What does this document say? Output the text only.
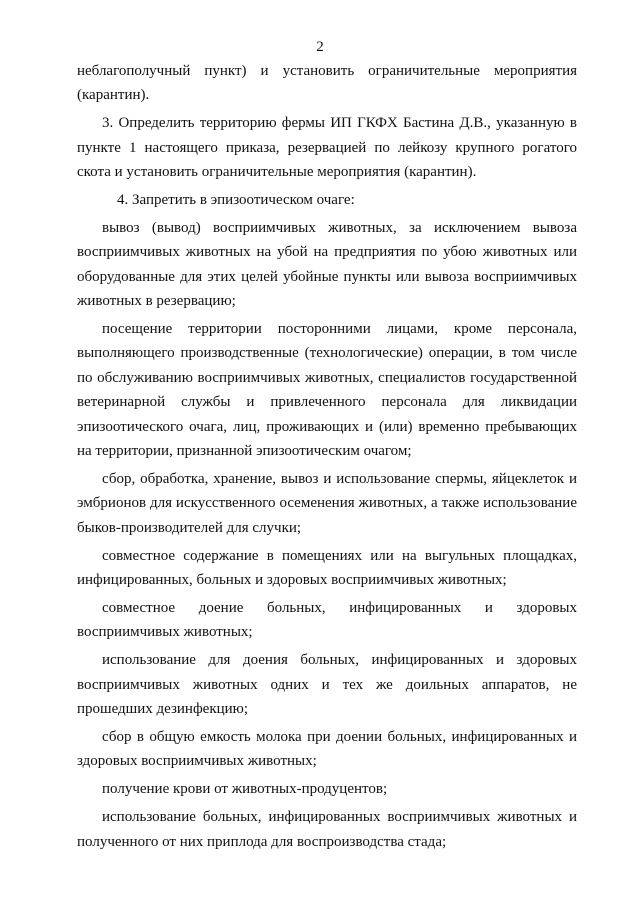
2

неблагополучный пункт) и установить ограничительные мероприятия (карантин).

3. Определить территорию фермы ИП ГКФХ Бастина Д.В., указанную в пункте 1 настоящего приказа, резервацией по лейкозу крупного рогатого скота и установить ограничительные мероприятия (карантин).

4. Запретить в эпизоотическом очаге:

вывоз (вывод) восприимчивых животных, за исключением вывоза восприимчивых животных на убой на предприятия по убою животных или оборудованные для этих целей убойные пункты или вывоза восприимчивых животных в резервацию;

посещение территории посторонними лицами, кроме персонала, выполняющего производственные (технологические) операции, в том числе по обслуживанию восприимчивых животных, специалистов государственной ветеринарной службы и привлеченного персонала для ликвидации эпизоотического очага, лиц, проживающих и (или) временно пребывающих на территории, признанной эпизоотическим очагом;

сбор, обработка, хранение, вывоз и использование спермы, яйцеклеток и эмбрионов для искусственного осеменения животных, а также использование быков-производителей для случки;

совместное содержание в помещениях или на выгульных площадках, инфицированных, больных и здоровых восприимчивых животных;

совместное доение больных, инфицированных и здоровых восприимчивых животных;

использование для доения больных, инфицированных и здоровых восприимчивых животных одних и тех же доильных аппаратов, не прошедших дезинфекцию;

сбор в общую емкость молока при доении больных, инфицированных и здоровых восприимчивых животных;

получение крови от животных-продуцентов;

использование больных, инфицированных восприимчивых животных и полученного от них приплода для воспроизводства стада;
